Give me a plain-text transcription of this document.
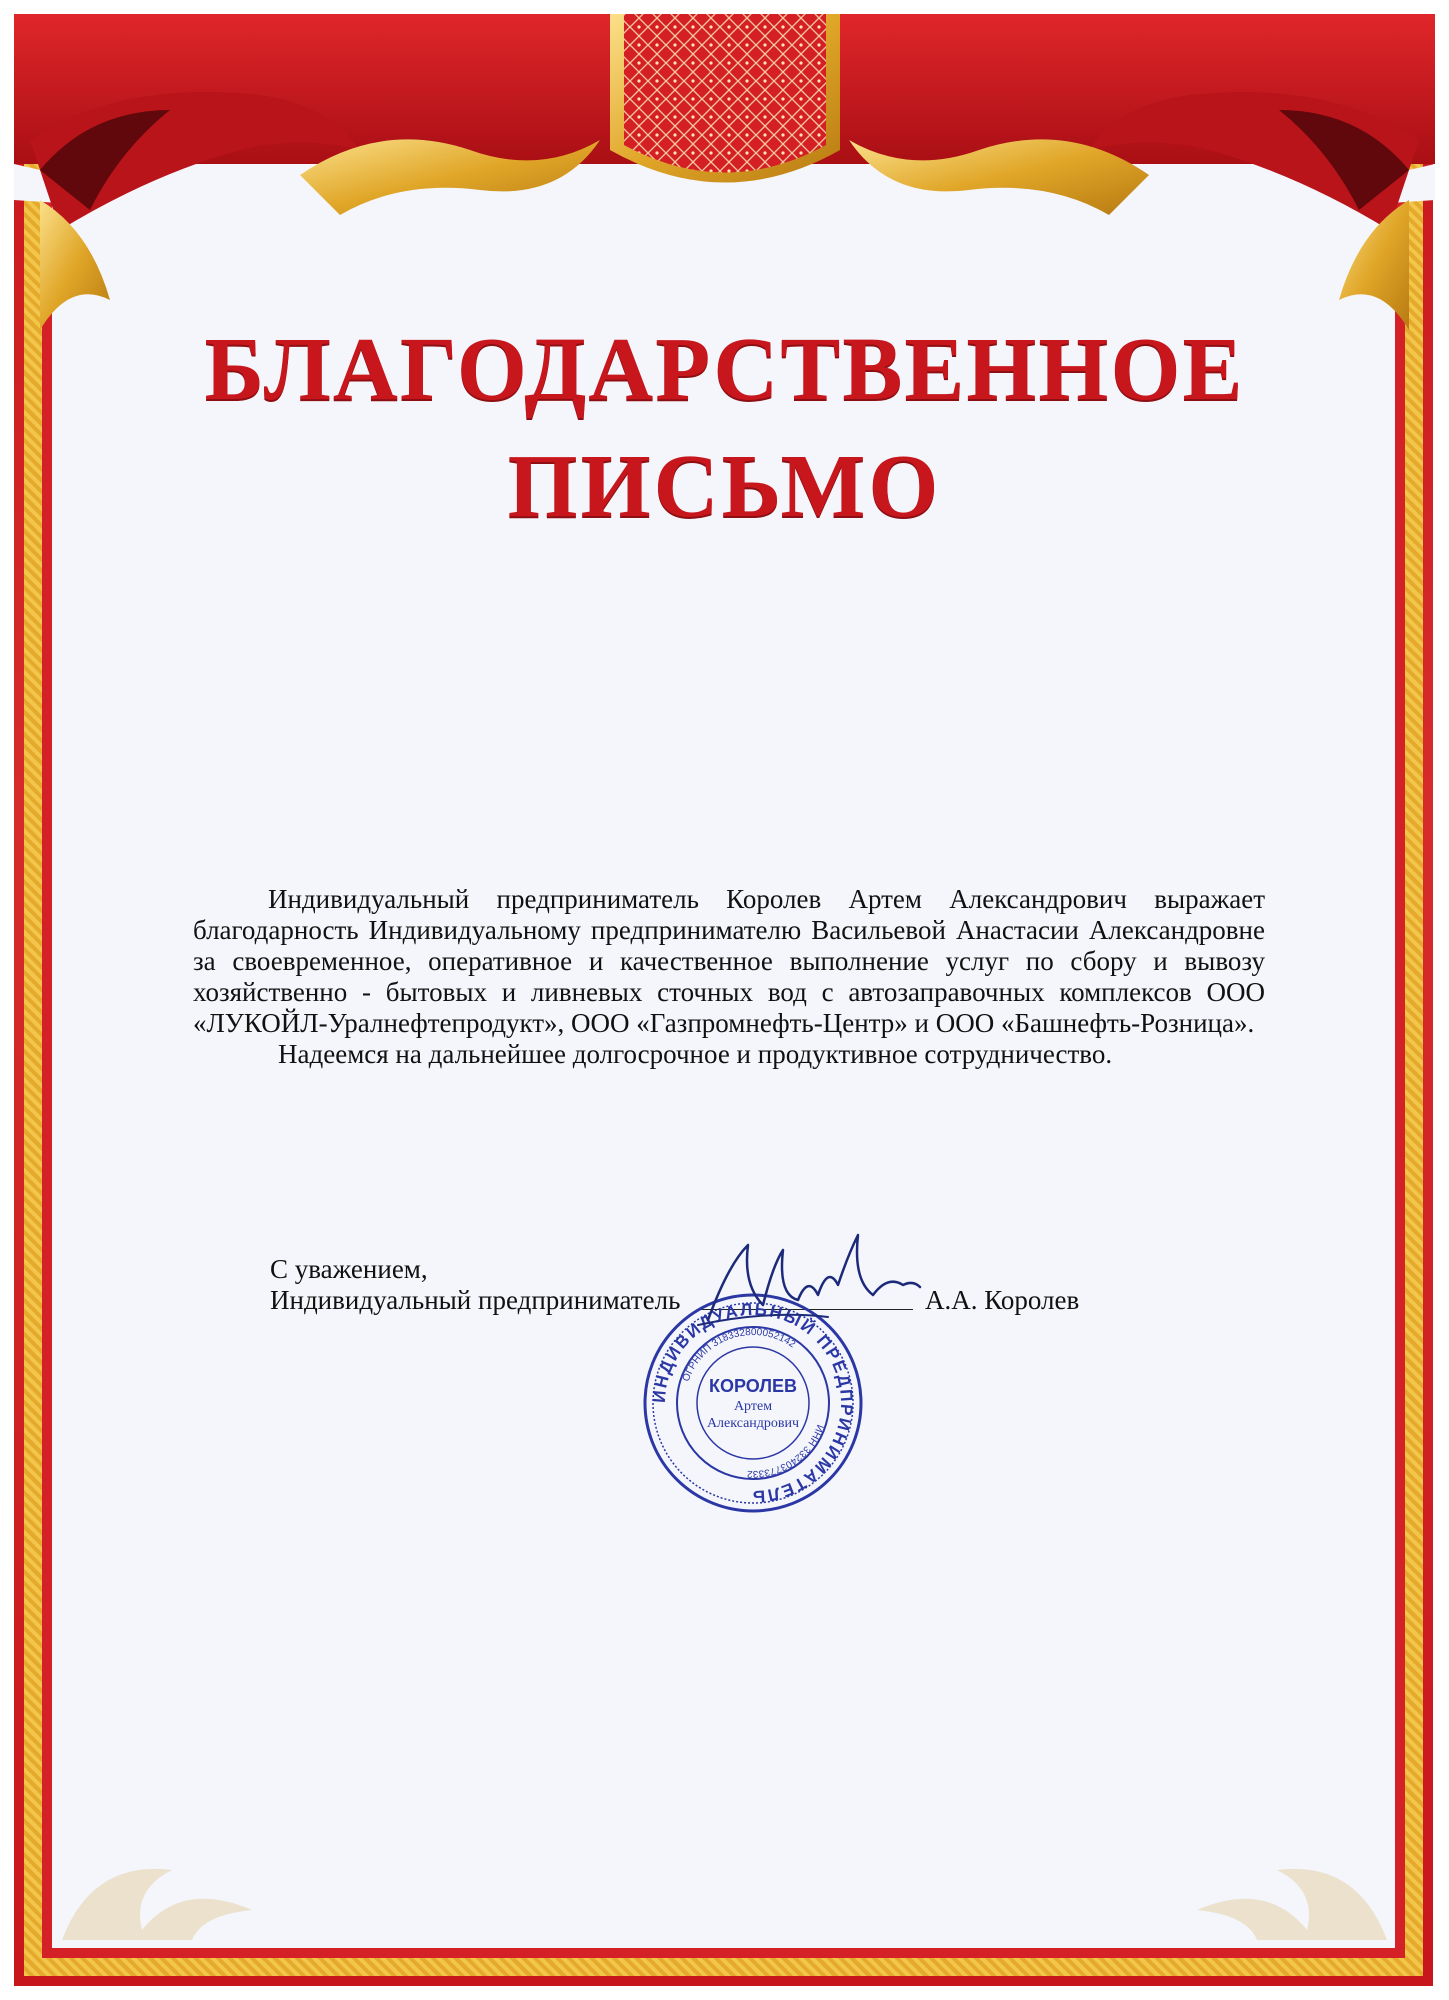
БЛАГОДАРСТВЕННОЕ
ПИСЬМО

Индивидуальный предприниматель Королев Артем Александрович выражает благодарность Индивидуальному предпринимателю Васильевой Анастасии Александровне за своевременное, оперативное и качественное выполнение услуг по сбору и вывозу хозяйственно - бытовых и ливневых сточных вод с автозаправочных комплексов ООО «ЛУКОЙЛ-Уралнефтепродукт», ООО «Газпромнефть-Центр» и ООО «Башнефть-Розница».

Надеемся на дальнейшее долгосрочное и продуктивное сотрудничество.

С уважением,
Индивидуальный предприниматель	А.А. Королев
ИНДИВИДУАЛЬНЫЙ ПРЕДПРИНИМАТЕЛЬ
ОГРНИП 318332800052142
ИНН 332403773332
КОРОЛЕВ
Артем
Александрович
